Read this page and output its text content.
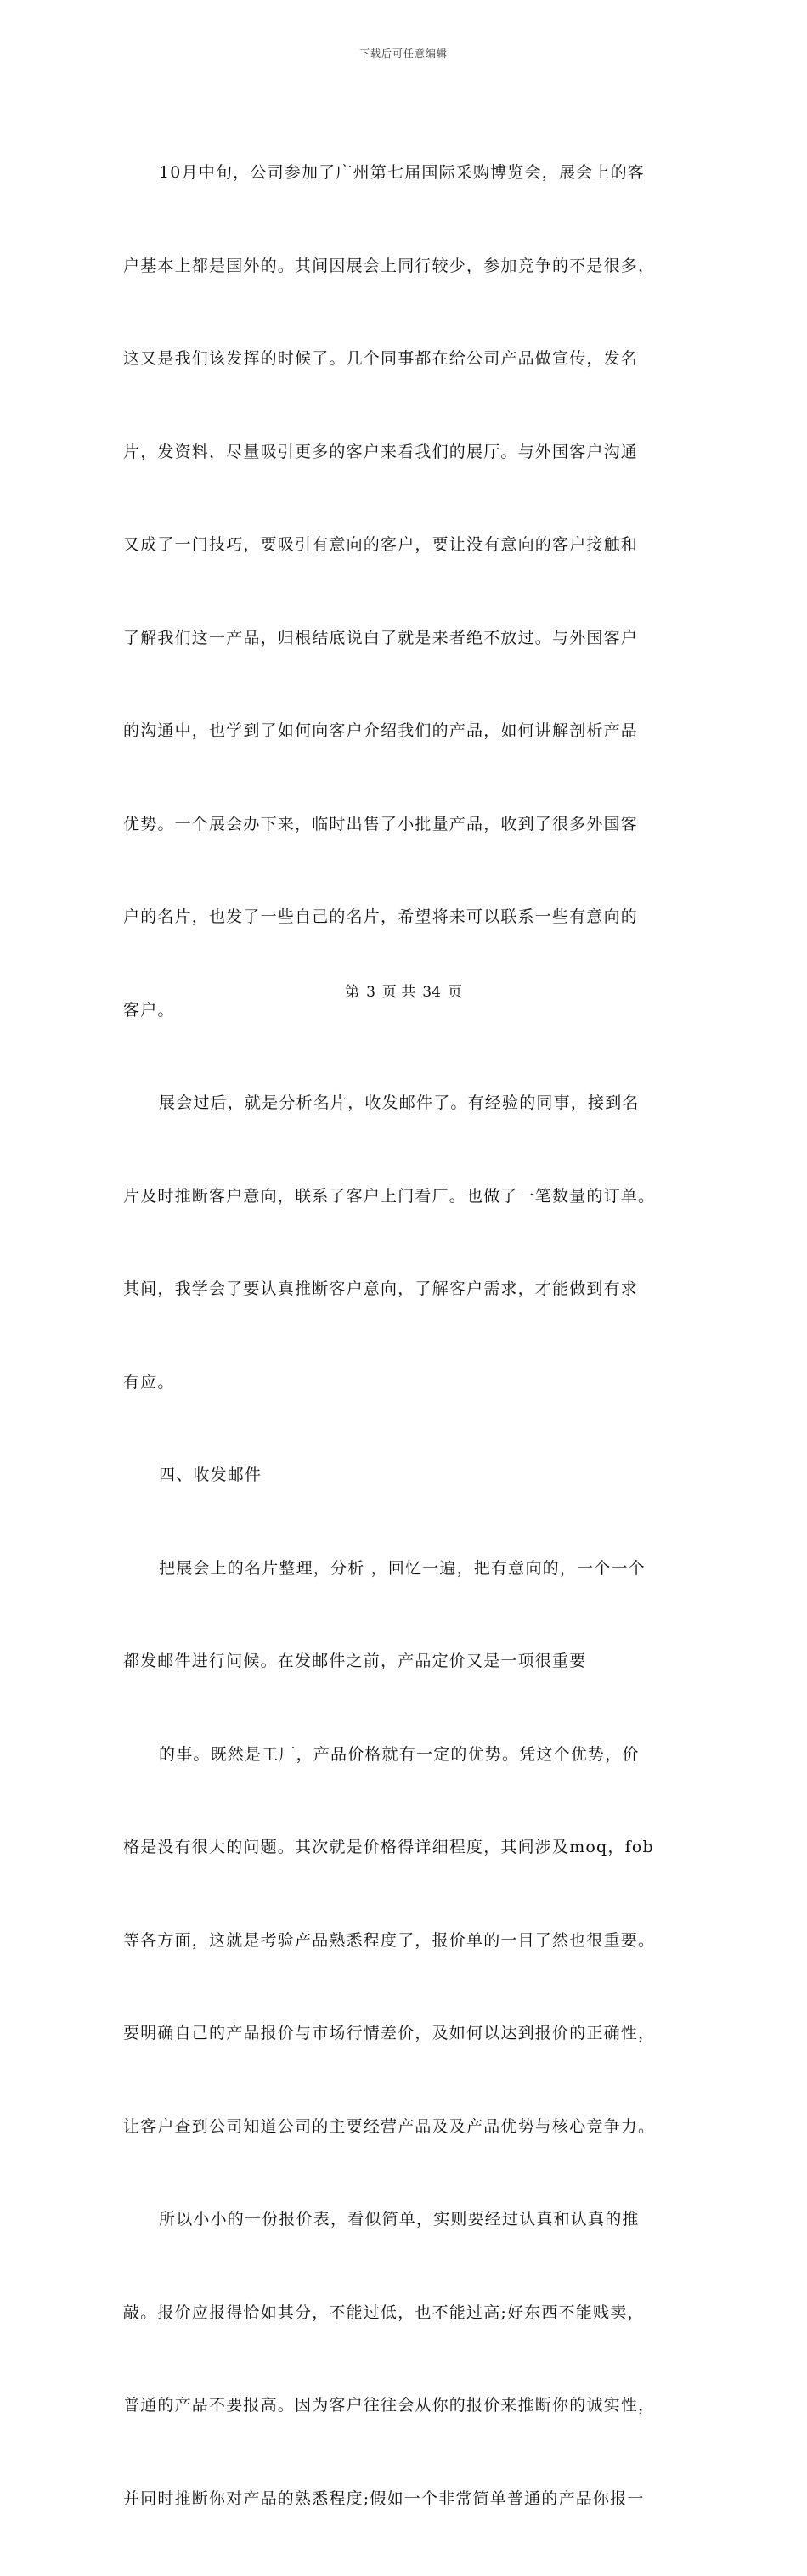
下载后可任意编辑

10月中旬，公司参加了广州第七届国际采购博览会，展会上的客

户基本上都是国外的。其间因展会上同行较少，参加竞争的不是很多，

这又是我们该发挥的时候了。几个同事都在给公司产品做宣传，发名

片，发资料，尽量吸引更多的客户来看我们的展厅。与外国客户沟通

又成了一门技巧，要吸引有意向的客户，要让没有意向的客户接触和

了解我们这一产品，归根结底说白了就是来者绝不放过。与外国客户

的沟通中，也学到了如何向客户介绍我们的产品，如何讲解剖析产品

优势。一个展会办下来，临时出售了小批量产品，收到了很多外国客

户的名片，也发了一些自己的名片，希望将来可以联系一些有意向的

客户。

展会过后，就是分析名片，收发邮件了。有经验的同事，接到名

片及时推断客户意向，联系了客户上门看厂。也做了一笔数量的订单。

其间，我学会了要认真推断客户意向，了解客户需求，才能做到有求

有应。

四、收发邮件

把展会上的名片整理，分析 ，回忆一遍，把有意向的，一个一个

都发邮件进行问候。在发邮件之前，产品定价又是一项很重要

的事。既然是工厂，产品价格就有一定的优势。凭这个优势，价

格是没有很大的问题。其次就是价格得详细程度，其间涉及moq，fob

等各方面，这就是考验产品熟悉程度了，报价单的一目了然也很重要。

要明确自己的产品报价与市场行情差价，及如何以达到报价的正确性，

让客户查到公司知道公司的主要经营产品及及产品优势与核心竞争力。

所以小小的一份报价表，看似简单，实则要经过认真和认真的推

敲。报价应报得恰如其分，不能过低，也不能过高;好东西不能贱卖，

普通的产品不要报高。因为客户往往会从你的报价来推断你的诚实性，

并同时推断你对产品的熟悉程度;假如一个非常简单普通的产品你报一

第 3 页 共 34 页
